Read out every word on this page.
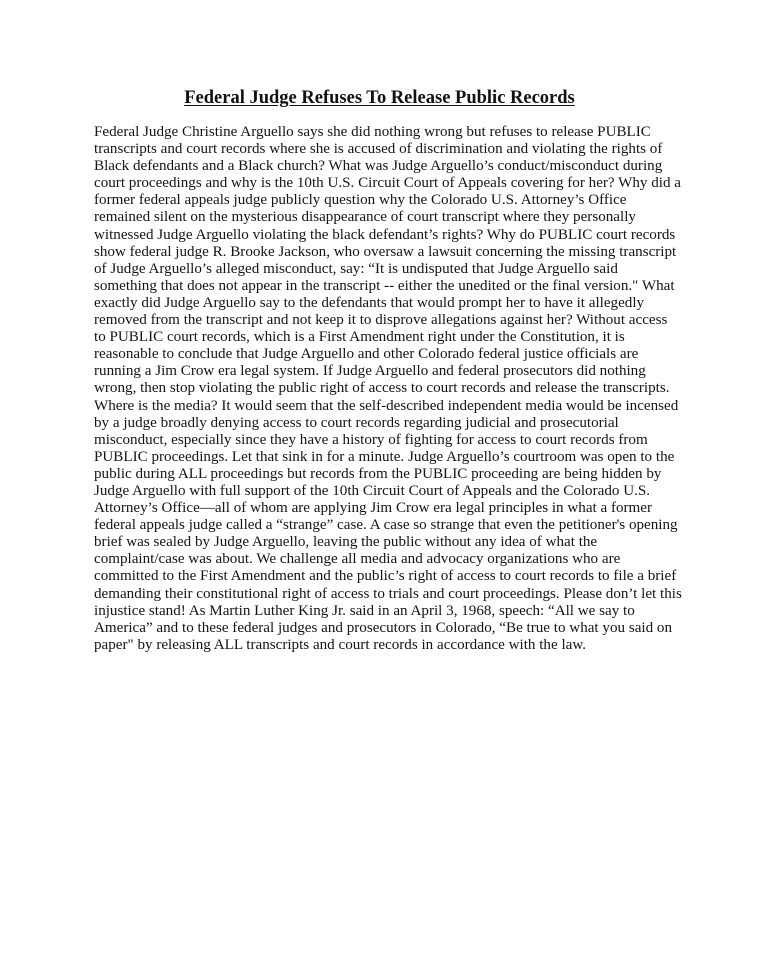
Federal Judge Refuses To Release Public Records
Federal Judge Christine Arguello says she did nothing wrong but refuses to release PUBLIC
transcripts and court records where she is accused of discrimination and violating the rights of
Black defendants and a Black church? What was Judge Arguello’s conduct/misconduct during
court proceedings and why is the 10th U.S. Circuit Court of Appeals covering for her? Why did a
former federal appeals judge publicly question why the Colorado U.S. Attorney’s Office
remained silent on the mysterious disappearance of court transcript where they personally
witnessed Judge Arguello violating the black defendant’s rights? Why do PUBLIC court records
show federal judge R. Brooke Jackson, who oversaw a lawsuit concerning the missing transcript
of Judge Arguello’s alleged misconduct, say: “It is undisputed that Judge Arguello said
something that does not appear in the transcript -- either the unedited or the final version." What
exactly did Judge Arguello say to the defendants that would prompt her to have it allegedly
removed from the transcript and not keep it to disprove allegations against her? Without access
to PUBLIC court records, which is a First Amendment right under the Constitution, it is
reasonable to conclude that Judge Arguello and other Colorado federal justice officials are
running a Jim Crow era legal system. If Judge Arguello and federal prosecutors did nothing
wrong, then stop violating the public right of access to court records and release the transcripts.
Where is the media? It would seem that the self-described independent media would be incensed
by a judge broadly denying access to court records regarding judicial and prosecutorial
misconduct, especially since they have a history of fighting for access to court records from
PUBLIC proceedings. Let that sink in for a minute. Judge Arguello’s courtroom was open to the
public during ALL proceedings but records from the PUBLIC proceeding are being hidden by
Judge Arguello with full support of the 10th Circuit Court of Appeals and the Colorado U.S.
Attorney’s Office—all of whom are applying Jim Crow era legal principles in what a former
federal appeals judge called a “strange” case. A case so strange that even the petitioner's opening
brief was sealed by Judge Arguello, leaving the public without any idea of what the
complaint/case was about. We challenge all media and advocacy organizations who are
committed to the First Amendment and the public’s right of access to court records to file a brief
demanding their constitutional right of access to trials and court proceedings. Please don’t let this
injustice stand! As Martin Luther King Jr. said in an April 3, 1968, speech: “All we say to
America” and to these federal judges and prosecutors in Colorado, “Be true to what you said on
paper" by releasing ALL transcripts and court records in accordance with the law.
